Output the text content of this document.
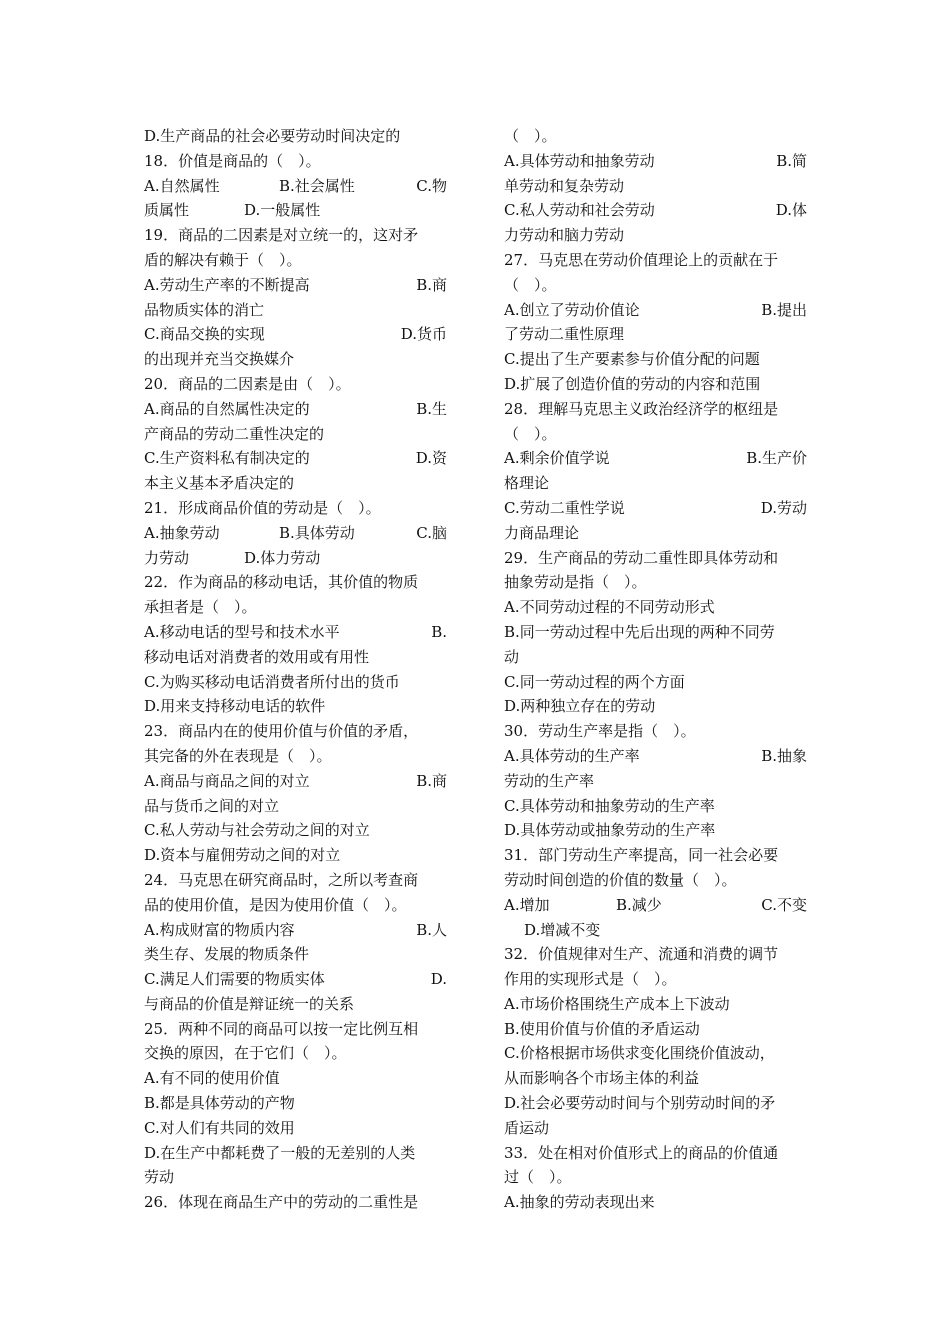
D.生产商品的社会必要劳动时间决定的
18．价值是商品的（　）。
A.自然属性	B.社会属性	C.物
质属性	D.一般属性
19．商品的二因素是对立统一的，这对矛
盾的解决有赖于（　）。
A.劳动生产率的不断提高	B.商
品物质实体的消亡
C.商品交换的实现	D.货币
的出现并充当交换媒介
20．商品的二因素是由（　）。
A.商品的自然属性决定的	B.生
产商品的劳动二重性决定的
C.生产资料私有制决定的	D.资
本主义基本矛盾决定的
21．形成商品价值的劳动是（　）。
A.抽象劳动	B.具体劳动	C.脑
力劳动	D.体力劳动
22．作为商品的移动电话，其价值的物质
承担者是（　）。
A.移动电话的型号和技术水平	B.
移动电话对消费者的效用或有用性
C.为购买移动电话消费者所付出的货币
D.用来支持移动电话的软件
23．商品内在的使用价值与价值的矛盾，
其完备的外在表现是（　）。
A.商品与商品之间的对立	B.商
品与货币之间的对立
C.私人劳动与社会劳动之间的对立
D.资本与雇佣劳动之间的对立
24．马克思在研究商品时，之所以考查商
品的使用价值，是因为使用价值（　）。
A.构成财富的物质内容	B.人
类生存、发展的物质条件
C.满足人们需要的物质实体	D.
与商品的价值是辩证统一的关系
25．两种不同的商品可以按一定比例互相
交换的原因，在于它们（　）。
A.有不同的使用价值
B.都是具体劳动的产物
C.对人们有共同的效用
D.在生产中都耗费了一般的无差别的人类
劳动
26．体现在商品生产中的劳动的二重性是
（　）。
A.具体劳动和抽象劳动	B.简
单劳动和复杂劳动
C.私人劳动和社会劳动	D.体
力劳动和脑力劳动
27．马克思在劳动价值理论上的贡献在于
（　）。
A.创立了劳动价值论	B.提出
了劳动二重性原理
C.提出了生产要素参与价值分配的问题
D.扩展了创造价值的劳动的内容和范围
28．理解马克思主义政治经济学的枢纽是
（　）。
A.剩余价值学说	B.生产价
格理论
C.劳动二重性学说	D.劳动
力商品理论
29．生产商品的劳动二重性即具体劳动和
抽象劳动是指（　）。
A.不同劳动过程的不同劳动形式
B.同一劳动过程中先后出现的两种不同劳
动
C.同一劳动过程的两个方面
D.两种独立存在的劳动
30．劳动生产率是指（　）。
A.具体劳动的生产率	B.抽象
劳动的生产率
C.具体劳动和抽象劳动的生产率
D.具体劳动或抽象劳动的生产率
31．部门劳动生产率提高，同一社会必要
劳动时间创造的价值的数量（　）。
A.增加	B.减少	C.不变
D.增减不变
32．价值规律对生产、流通和消费的调节
作用的实现形式是（　）。
A.市场价格围绕生产成本上下波动
B.使用价值与价值的矛盾运动
C.价格根据市场供求变化围绕价值波动，
从而影响各个市场主体的利益
D.社会必要劳动时间与个别劳动时间的矛
盾运动
33．处在相对价值形式上的商品的价值通
过（　）。
A.抽象的劳动表现出来
